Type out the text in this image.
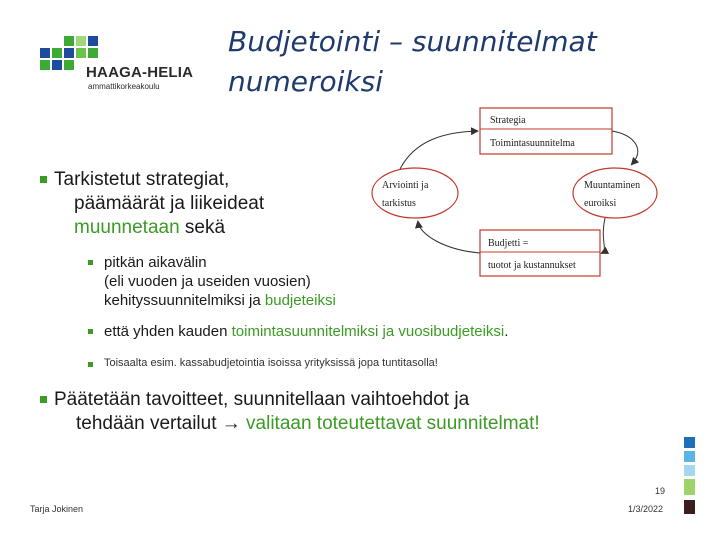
HAAGA-HELIA
ammattikorkeakoulu
Budjetointi – suunnitelmat
numeroiksi
Strategia
Toimintasuunnitelma
Arviointi ja
tarkistus
Muuntaminen
euroiksi
Budjetti =
tuotot ja kustannukset
Tarkistetut strategiat,
päämäärät ja liikeideat
muunnetaan sekä
pitkän aikavälin
(eli vuoden ja useiden vuosien)
kehityssuunnitelmiksi ja budjeteiksi
että yhden kauden toimintasuunnitelmiksi ja vuosibudjeteiksi.
Toisaalta esim. kassabudjetointia isoissa yrityksissä jopa tuntitasolla!
Päätetään tavoitteet, suunnitellaan vaihtoehdot ja
tehdään vertailut → valitaan toteutettavat suunnitelmat!
19
Tarja Jokinen	1/3/2022
